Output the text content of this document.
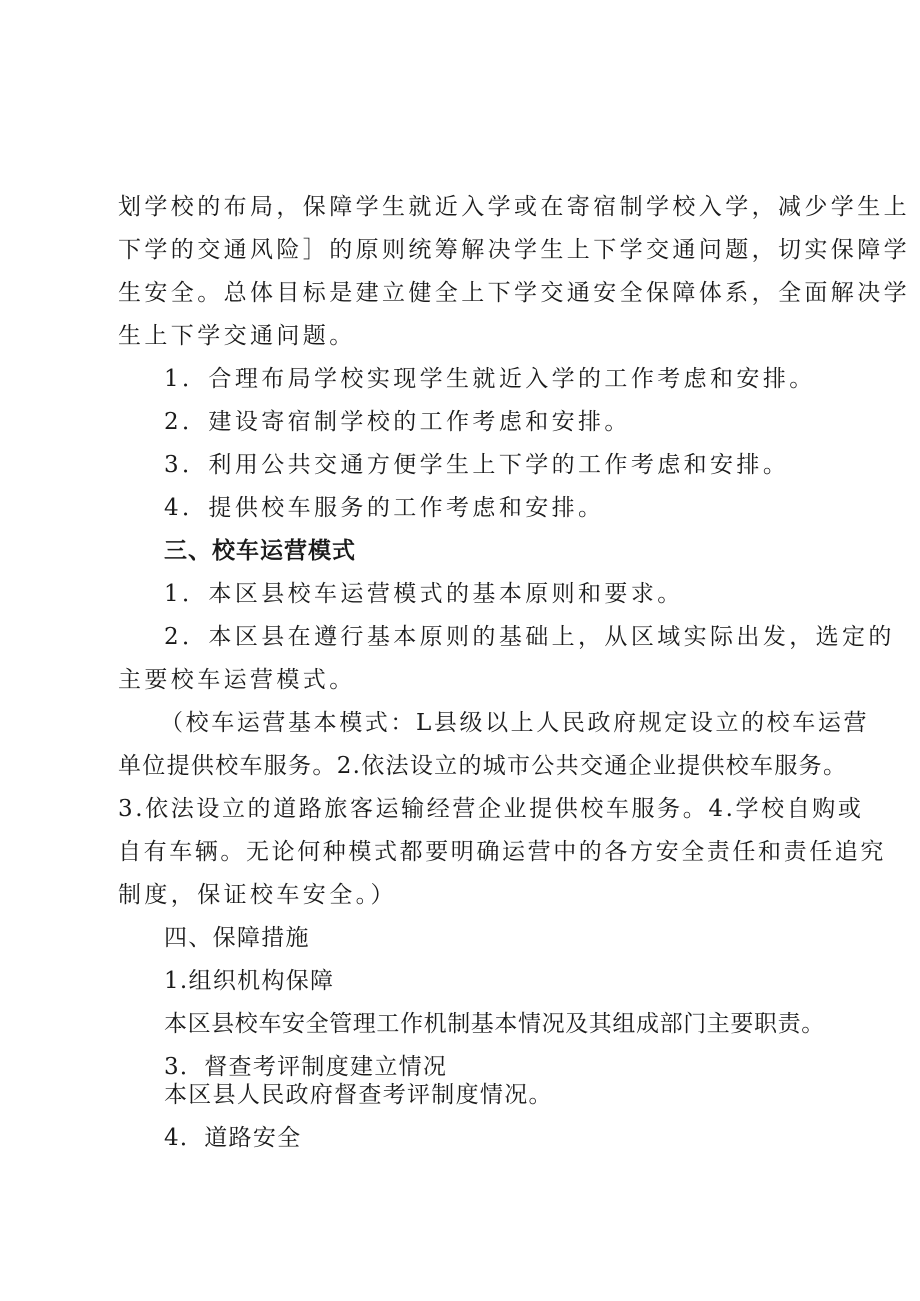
划学校的布局，保障学生就近入学或在寄宿制学校入学，减少学生上
下学的交通风险］的原则统筹解决学生上下学交通问题，切实保障学
生安全。总体目标是建立健全上下学交通安全保障体系，全面解决学
生上下学交通问题。
1．合理布局学校实现学生就近入学的工作考虑和安排。
2．建设寄宿制学校的工作考虑和安排。
3．利用公共交通方便学生上下学的工作考虑和安排。
4．提供校车服务的工作考虑和安排。
三、校车运营模式
1．本区县校车运营模式的基本原则和要求。
2．本区县在遵行基本原则的基础上，从区域实际出发，选定的
主要校车运营模式。
（校车运营基本模式：L县级以上人民政府规定设立的校车运营
单位提供校车服务。2.依法设立的城市公共交通企业提供校车服务。
3.依法设立的道路旅客运输经营企业提供校车服务。4.学校自购或
自有车辆。无论何种模式都要明确运营中的各方安全责任和责任追究
制度，保证校车安全。）
四、保障措施
1.组织机构保障
本区县校车安全管理工作机制基本情况及其组成部门主要职责。
3．督查考评制度建立情况
本区县人民政府督查考评制度情况。
4．道路安全
